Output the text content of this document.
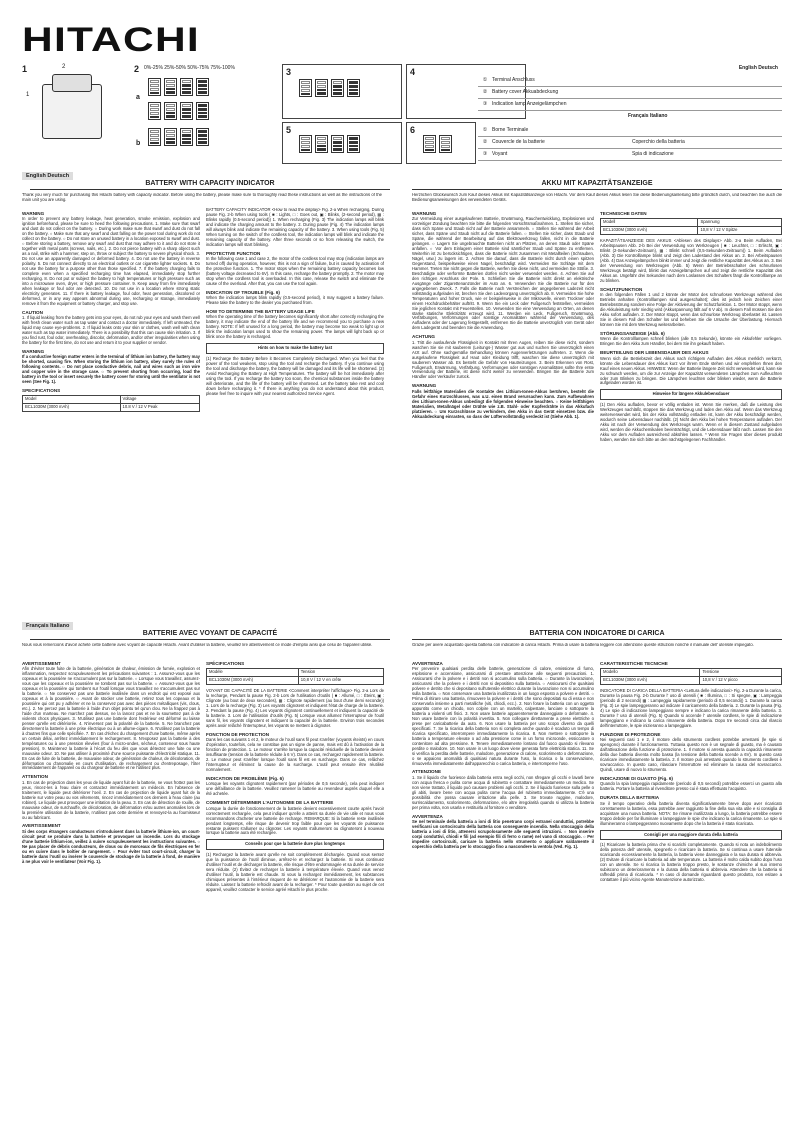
HITACHI
1
1
2	2 0%-25% 25%-50% 50%-75% 75%-100%
a
b
3
5
4
6
English Deutsch
① Terminal Anschluss
② Battery cover Akkuabdeckung
③ Indication lamp Anzeigelämpchen
Français Italiano
① Borne Terminale
② Couvercle de la batterie	Coperchio della batteria
③ Voyant	Spia di indicazione
English Deutsch
BATTERY WITH CAPACITY INDICATOR	AKKU MIT KAPAZITÄTSANZEIGE

Thank you very much for purchasing this Hitachi battery with capacity indicator. Before using the battery, please make sure to thoroughly read these instructions as well as the instructions of the main unit you are using.

WARNING

In order to prevent any battery leakage, heat generation, smoke emission, explosion and ignition beforehand, please be sure to heed the following precautions. 1. Make sure that swarf and dust do not collect on the battery. ○ During work make sure that swarf and dust do not fall on the battery. ○ Make sure that any swarf and dust falling on the power tool during work do not collect on the battery. ○ Do not store an unused battery in a location exposed to swarf and dust. ○ Before storing a battery, remove any swarf and dust that may adhere to it and do not store it together with metal parts (screws, nails, etc.). 2. Do not pierce battery with a sharp object such as a nail, strike with a hammer, step on, throw or subject the battery to severe physical shock. 3. Do not use an apparently damaged or deformed battery. 4. Do not use the battery in reverse polarity. 5. Do not connect directly to an electrical outlets or car cigarette lighter sockets. 6. Do not use the battery for a purpose other than those specified. 7. If the battery charging fails to complete even when a specified recharging time has elapsed, immediately stop further recharging. 8. Do not put or subject the battery to high temperatures or high pressure such as into a microwave oven, dryer, or high pressure container. 9. Keep away from fire immediately when leakage or foul odor are detected. 10. Do not use in a location where strong static electricity generates. 11. If there is battery leakage, foul odor, heat generation, discolored or deformed, or in any way appears abnormal during use, recharging or storage, immediately remove it from the equipment or battery charger, and stop use.

CAUTION

1. If liquid leaking from the battery gets into your eyes, do not rub your eyes and wash them well with fresh clean water such as tap water and contact a doctor immediately. If left untreated, the liquid may cause eye-problems. 2. If liquid leaks onto your skin or clothes, wash well with clean water such as tap water immediately. There is a possibility that this can cause skin irritation. 3. If you find rust, foul odor, overheating, discolor, deformation, and/or other irregularities when using the battery for the first time, do not use and return it to your supplier or vendor.

WARNING

If a conductive foreign matter enters in the terminal of lithium ion battery, the battery may be shorted, causing fire. When storing the lithium ion battery, obey surely the rules of following contents. ○ Do not place conductive debris, nail and wires such as iron wire and copper wire in the storage case. ○ To prevent shorting from occurring, load the battery in the tool or insert securely the battery cover for storing until the ventilator is not seen (See Fig. 1).

SPECIFICATIONS
Model	Voltage
BCL1030M (3000 mAh)	10.8 V / 12 V Peak

BATTERY CAPACITY INDICATOR <How to read the display> Fig. 2-a When recharging, During pause Fig. 2-b When using tools ( ■ : Lights, □ : Goes out, ▣ : Blinks, (2-second period), ▦ : Blinks rapidly (0.5-second period)) 1. When recharging (Fig. 3) The indication lamps will blink and indicate the charging amount to the battery. 2. During pause (Fig. 4) The indication lamps will always blink and indicate the remaining capacity of the battery. 3. When using tools (Fig. 5) When turning on the switch of the cordless tool, the indication lamps will blink and indicate the remaining capacity of the battery. After three seconds or so from releasing the switch, the indication lamps will start blinking.

PROTECTIVE FUNCTION

In the following case 1 and case 2, the motor of the cordless tool may stop (indication lamps are turned off) during operation, however, this is not a sign of failure, but is caused by activation of the protective function. 1. The motor stops when the remaining battery capacity becomes low (battery voltage decreased to 6V). In this case, recharge the battery promptly. 2. The motor may stop when the cordless tool is overloaded. In this case, release the switch and eliminate the cause of the overload. After that, you can use the tool again.

INDICATION OF TROUBLE (Fig. 6)

When the indication lamps blink rapidly (0.5-second period), it may suggest a battery failure. Please take the battery to the dealer you purchased from.

HOW TO DETERMINE THE BATTERY USAGE LIFE

When the operating time of the battery becomes significantly short after correctly recharging the battery, it may indicate the end of the battery life and we recommend you to purchase a new battery. NOTE: If left unused for a long period, the battery may become too weak to light up or blink the indication lamps used to show the remaining power. The lamps will light back up or blink once the battery is recharged.

Hints on how to make the battery last

(1) Recharge the Battery Before it Becomes Completely Discharged. When you feel that the power of the tool weakens, stop using the tool and recharge the battery. If you continue using the tool and discharge the battery, the battery will be damaged and its life will be shortened. (2) Avoid Recharging the Battery at High Temperatures. The battery will be hot immediately after using the tool. If you recharge the battery too soon, the chemical substances inside the battery will deteriorate, and the life of the battery will be shortened. Let the battery take rest and cool down before recharging it. * If there is anything you do not understand about this product, please feel free to inquire with your nearest authorized Service Agent.

Herzlichen Glückwunsch zum Kauf dieses Akkus mit Kapazitätsanzeige von Hitachi. Vor dem Kauf dieses Akkus lesen Sie diese Bedienungsanleitung bitte gründlich durch, und beachten Sie auch die Bedienungsanweisungen des verwendeten Geräts.

WARNUNG

Zur Vermeidung einer ausgelaufenen Batterie, Erwärmung, Rauchentwicklung, Explosionen und vorzeitiger Zündung beachten Sie bitte die folgenden Vorsichtsmaßnahmen. 1. Stellen Sie sicher, dass sich Späne und Staub nicht auf der Batterie ansammeln. ○ Stellen Sie während der Arbeit sicher, dass Späne und Staub nicht auf die Batterie fallen. ○ Stellen Sie sicher, dass Staub und Späne, die während der Bearbeitung auf das Elektrowerkzeug fallen, nicht in die Batterie gelangen. ○ Lagern Sie ungebrauchte Batterien nicht an Plätzen, an denen Staub oder Späne anfallen. ○ Vor dem Einlagern einer Batterie sind sämtlicher Staub und Späne zu entfernen. Weiterhin ist zu berücksichtigen, dass die Batterie nicht zusammen mit Metallteilen (Schrauben, Nägel, usw.) zu lagern ist. 2. Achten Sie darauf, dass die Batterie nicht durch einen spitzen Gegenstand, beispielsweise einen Nagel, beschädigt wird. Vermeiden Sie Schläge mit dem Hammer. Treten Sie nicht gegen die Batterie, werfen Sie diese nicht, und vermeiden Sie Stöße. 3. Beschädigte oder verformte Batterien dürfen nicht weiter verwendet werden. 4. Achten Sie auf den richtigen Anschluss der Pole. 5. Schließen Sie die Batterie nicht direkt an elektrische Ausgänge oder Zigarettenanzünder im Auto an. 6. Verwenden Sie die Batterie nur für den angegebenen Zweck. 7. Falls die Batterie nach Verstreichen der angegebenen Ladezeit nicht vollständig aufgeladen ist, brechen Sie den Ladevorgang unverzüglich ab. 8. Vermeiden Sie hohe Temperaturen und hoher Druck, wie er beispielsweise in der Mikrowelle, einem Trockner oder einem Hochdruckbehälter auftritt. 9. Wenn Sie ein Leck oder Fußgeruch feststellen, vermeiden Sie jeglichen Kontakt mit Feuerstellen. 10. Verwenden Sie eine Verwendung an Orten, an denen starke statische Elektrizität erzeugt wird. 11. Werden ein Leck, Fußgeruch, Erwärmung, Verfärbungen, Verformungen oder sonstige Anomalitäten während der Verwendung, des Aufladens oder der Lagerung festgestellt, entfernen Sie die Batterie unverzüglich vom Gerät oder dem Ladegerät und beenden Sie die Anwendung.

ACHTUNG

1. Tritt die auslaufende Flüssigkeit in Kontakt mit Ihren Augen, reiben Sie diese nicht, sondern waschen Sie sie mit sauberem (Leitungs-) Wasser gut aus und suchen Sie unverzüglich einen Arzt auf. Ohne sachgemäße Behandlung können Augenverletzungen auftreten. 2. Wenn die ausgelaufene Flüssigkeit auf Haut oder Kleidung trifft, waschen Sie diese unverzüglich mit sauberem Wasser ab. Es besteht die Gefahr von Hautreizungen. 3. Beim Erkennen von Rost, Fußgeruch, Erwärmung, Verfärbung, Verformungen oder sonstigen Anomalitäten sollte Ihre erste Verwendung der Batterie, ist diese nicht weiter zu verwenden. Bringen Sie die Batterie zum Händler oder Verkäufer zurück.

WARNUNG

Falls leitfähige Materialien die Kontakte des Lithium-Ionen-Akkus berühren, besteht die Gefahr eines Kurzschlusses, was u.U. einen Brand verursachen kann. Zum Aufbewahren des Lithium-Ionen-Akkus unbedingt die folgenden Hinweise beachten. ○ Keine leitfähigen Materialien, Metallnägel oder Drähte wie z.B. Stahl- oder Kupferdrähte in das Akkufach platzieren. ○ Um Kurzschlüsse zu verhindern, den Akku in das Gerät einsetzen bzw. die Akkuabdeckung einrasten, so dass der Lüftervollständig verdeckt ist (Siehe Abb. 1).

TECHNISCHE DATEN
Modell	Spannung
BCL1030M (3000 mAh)	10,8 V / 12 V Spitze

KAPAZITÄTSANZEIGE DES AKKUS <Ablesen des Displays> Abb. 2-a Beim Aufladen, Bei Arbeitspausen Abb. 2-b Bei der Verwendung von Werkzeugen ( ■ : Leuchtet, □ : Erlischt, ▣ : Blinkt (2-Sekunden-Zeitraum), ▦ : Blinkt schnell (0,5-Sekunden-Zeitraum)) 1. Beim Aufladen (Abb. 3) Die Kontrolllampe blinkt und zeigt den Ladestand des Akkus an. 2. Bei Arbeitspausen (Abb. 4) Das Anzeigelämpchen blinkt immer und zeigt die restliche Kapazität des Akkus an. 3. Bei der Verwendung von Werkzeugen (Abb. 5) Wenn der Betriebsschalter des schnurlosen Werkzeugs betätigt wird, blinkt das Anzeigelämpchen auf und zeigt die restliche Kapazität des Akkus an. Ungefähr drei Sekunden nach dem Loslassen des Schalters fängt die Kontrolllampe an zu blinken.

SCHUTZFUNKTION

In den folgenden Fällen 1 und 2 könnte der Motor des schnurlosen Werkzeugs während des Betriebs anhalten (Kontrolllampen sind ausgeschaltet); dies ist jedoch kein Zeichen einer Betriebsstörung sondern eine Folge der Aktivierung der Schutzfunktion. 1. Der Motor stoppt, wenn die Akkuleistung sehr niedrig wird (Akkuspannung fällt auf 6 V ab). In diesem Fall müssen Sie den Akku sofort aufladen. 2. Der Motor stoppt, wenn das schnurlose Werkzeug überlastet ist. Lassen Sie in diesem Fall den Schalter los und beheben Sie die Ursache der Überlastung. Hiernach können Sie mit dem Werkzeug weiterarbeiten.

STÖRUNGSANZEIGE (Abb. 6)

Wenn die Kontrolllampen schnell blinken (alle 0,5 Sekunde), könnte ein Akkufehler vorliegen. Bringen Sie den Akku zum Händler, bei dem Sie ihn gekauft haben.

BEURTEILUNG DER LEBENSDAUER DES AKKUS

Wenn sich die Betriebszeit des Akkus nach richtigem Aufladen des Akkus merklich verkürzt, könnte die Lebensdauer des Akkus kurz vor ihrem Ende stehen und wir empfehlen Ihnen den Kauf eines neuen Akkus. HINWEIS: Wenn der Batterie längere Zeit nicht verwendet wird, kann sie zu schwach werden, um die zur Anzeige der Kapazität verwendeten Lämpchen zum Aufleuchten oder zum Blinken zu bringen. Die Lämpchen leuchten oder blinken wieder, wenn die Batterie aufgeladen worden ist.

Hinweise für längere Akkulebensdauer

(1) Den Akku aufladen, bevor er völlig entladen ist. Wenn Sie merken, daß die Leistung des Werkzeuges nachläßt, stoppen Sie das Werkzeug und laden den Akku auf. Wenn das Werkzeug weiterverwendet wird, bis der Akku vollständig entladen ist, kann der Akku beschädigt werden, wodurch seine Lebensdauer nachläßt. (2) Nicht den Akku bei hohen Temperaturen aufladen. Der Akku ist nach der Verwendung des Werkzeugs warm. Wenn er in diesem Zustand aufgeladen wird, werden die Akkuchemikalien beeinträchtigt, und die Lebensdauer läßt nach. Lassen Sie den Akku vor dem Aufladen ausreichend abkühlen lassen. * Wenn Sie Fragen über dieses produkt haben, wenden Sie sich bitte an den nächstgelegenen Fachhändler.

Français Italiano
BATTERIE AVEC VOYANT DE CAPACITÉ	BATTERIA CON INDICATORE DI CARICA

Nous vous remercions d'avoir acheté cette batterie avec voyant de capacité Hitachi. Avant d'utiliser la batterie, veuillez lire attentivement ce mode d'emploi ainsi que celui de l'appareil utilisé.

AVERTISSEMENT

Afin d'éviter toute fuite de la batterie, génération de chaleur, émission de fumée, explosion et inflammation, respectez scrupuleusement les précautions suivantes : 1. Assurez-vous que les copeaux et la poussière ne s'accumulent pas sur la batterie. ○ Lorsque vous travaillez, assurez-vous que les copeaux et la poussière ne tombent pas sur la batterie. ○ Assurez-vous que les copeaux et la poussière qui tombent sur l'outil lorsque vous travaillez ne s'accumulent pas sur la batterie. ○ Ne conservez pas une batterie inutilisée dans un endroit qui est exposé aux copeaux et à la poussière. ○ Avant de stocker une batterie, retirez tous les copeaux et la poussière qui ont pu y adhérer et ne la conservez pas avec des pièces métalliques (vis, clous, etc.). 2. Ne percez pas la batterie à l'aide d'un objet pointu tel qu'un clou. Ne la frappez pas à l'aide d'un marteau. Ne marchez pas dessus, ne la lancez pas et ne la soumettez pas à de violents chocs physiques. 3. N'utilisez pas une batterie dont l'extérieur est déformé ou laisse penser qu'elle est détériorée. 4. N'inversez pas la polarité de la batterie. 5. Ne branchez pas directement la batterie à une prise électrique ou à un allume-cigare. 6. N'utilisez pas la batterie à d'autres fins que celle spécifiée. 7. En cas d'échec du chargement d'une batterie, même après un certain délai, arrêtez immédiatement le rechargement. 8. N'exposez pas la batterie à des températures ou à une pression élevées (four à micro-ondes, sécheur, conteneur sous haute pression). 9. Maintenez la batterie à l'écart du feu dès que vous détectez une fuite ou une mauvaise odeur. 10. Ne pas utiliser à proximité d'une source puissante d'électricité statique. 11. En cas de fuite de la batterie, de mauvaise odeur, de génération de chaleur, de décoloration, de déformation ou d'anomalie en cours d'utilisation, de rechargement ou d'entreposage, l'ôter immédiatement de l'appareil ou du chargeur de batterie et ne l'utilisez plus.

ATTENTION

1. En cas de projection dans les yeux de liquide ayant fuit de la batterie, ne vous frottez pas les yeux, rincez-les à l'eau claire et contactez immédiatement un médecin. En l'absence de traitement, le liquide peut détériorer l'oeil. 2. En cas de projection de liquide ayant fuit de la batterie sur votre peau ou vos vêtements, rincez immédiatement ces derniers à l'eau claire (au robinet). Le liquide peut provoquer une irritation de la peau. 3. En cas de détection de rouille, de mauvaise odeur, de surchauffe, de décoloration, de déformation et/ou autres anomalies lors de la première utilisation de la batterie, n'utilisez pas cette dernière et renvoyez-la au fournisseur ou au fabricant.

AVERTISSEMENT

Si des corps étrangers conducteurs s'introduisent dans la batterie lithium-ion, un court-circuit peut se produire dans la batterie et provoquer un incendie. Lors du stockage d'une batterie lithium-ion, veillez à suivre scrupuleusement les instructions suivantes. ○ Ne pas placer de débris conducteurs, de clous ou de morceaux de fils électriques en fer ou en cuivre dans le boîtier de rangement. ○ Pour éviter tout court-circuit, charger la batterie dans l'outil ou insérer le couvercle de stockage de la batterie à fond, de manière à ne plus voir le ventilateur (Voir Fig. 1).

SPÉCIFICATIONS
Modèle	Tension
BCL1030M (3000 mAh)	10,8 V / 12 V en crête

VOYANT DE CAPACITÉ DE LA BATTERIE <Comment interpréter l'affichage> Fig. 2-a Lors de la recharge, Pendant la pause Fig. 2-b Lors de l'utilisation d'outils ( ■ : Allumé, □ : Éteint, ▣ : Clignote (au bout de deux secondes), ▦ : Clignote rapidement (au bout d'une demi seconde)) 1. Lors de la recharge (Fig. 3) Les voyants clignotent et indiquent l'état de charge de la batterie. 2. Pendant la pause (Fig. 4) Les voyants clignotent continuellement et indiquent la capacité de la batterie. 3. Lors de l'utilisation d'outils (Fig. 5) Lorsque vous allumez l'interrupteur de l'outil sans fil, les voyants clignotent et indiquent la capacité de la batterie. Environ trois secondes après avoir relâché l'interrupteur, les voyants se mettent à clignoter.

FONCTION DE PROTECTION

Dans les cas suivants 1 et 2, le moteur de l'outil sans fil peut s'arrêter (voyants éteints) en cours d'opération, toutefois, cela ne constitue pas un signe de panne, mais est dû à l'activation de la fonction de protection. 1. Le moteur s'arrête lorsque la capacité résiduelle de la batterie devient insuffisante (tension de la batterie réduite à 6 V). Dans ce cas, rechargez rapidement la batterie. 2. Le moteur peut s'arrêter lorsque l'outil sans fil est en surcharge. Dans ce cas, relâchez l'interrupteur et éliminez la cause de la surcharge. L'outil peut ensuite être réutilisé normalement.

INDICATION DE PROBLÈME (Fig. 6)

Lorsque les voyants clignotent rapidement (par périodes de 0,5 seconde), cela peut indiquer une défaillance de la batterie. Veuillez ramener la batterie au revendeur auprès duquel elle a été achetée.

COMMENT DÉTERMINER L'AUTONOMIE DE LA BATTERIE

Lorsque la durée de fonctionnement de la batterie devient excessivement courte après l'avoir correctement rechargée, cela peut indiquer qu'elle a atteint sa durée de vie utile et nous vous recommandons d'acheter une batterie de recharge. REMARQUE: Si la batterie reste inutilisée pendant longtemps, elle risque de devenir trop faible pour que les voyants de puissance restante puissent s'allumer ou clignoter. Les voyants s'allumeront ou clignoteront à nouveau lorsque la batterie aura été rechargée.

Conseils pour que la batterie dure plus longtemps

(1) Rechargez la batterie avant qu'elle ne soit complètement déchargée. Quand vous sentez que la puissance de l'outil diminue, arrêtez-le et rechargez la batterie. Si vous continuez d'utiliser l'outil et de décharger la batterie, elle risque d'être endommagée et sa durée de service sera réduite. (2) Évitez de recharger la batterie à température élevée. Quand vous venez d'utiliser l'outil, la batterie est chaude. Si vous la rechargez immédiatement, les substances chimiques présentes à l'intérieur risquent de se détériorer et l'autonomie de la batterie sera réduite. Laissez la batterie refroidir avant de la recharger. * Pour toute question au sujet de cet appareil, veuillez contacter le service agréé Hitachi le plus proche.

Grazie per avere acquistato questa batteria con indicatore di carica Hitachi. Prima di usare la batteria leggere con attenzione queste istruzioni nonché il manuale dell' utensile impiegato.

AVVERTENZA

Per prevenire qualsiasi perdita delle batterie, generazione di calore, emissione di fumo, esplosione e accensione, assicurarsi di prestare attenzione alle seguenti precauzioni. 1. Assicurarsi che la polvere e i detriti non si accumulino sulla batteria. ○ Durante la lavorazione, assicurarsi che la polvere e i detriti non si depositino sulla batteria. ○ Assicurarsi che qualsiasi polvere e detrito che si depositano sull'utensile elettrico durante la lavorazione non si accumulino sulla batteria. ○ Non conservare una batteria inutilizzata in un luogo esposto a polvere e detriti. ○ Prima di ritirare una batteria, rimuovere la polvere e i detriti che sono depositati su di essa e non conservarla insieme a parti metalliche (viti, chiodi, ecc.). 2. Non forare la batteria con un oggetto appuntito come un chiodo, non colpire con un martello, calpestare, lanciare o sottoporre la batteria a violenti urti fisici. 3. Non usare batterie apparentemente danneggiate o deformate. 4. Non usare batterie con la polarità invertita. 5. Non collegare direttamente a prese elettriche o prese per caricabatterie da auto. 6. Non usare la batteria per uno scopo diverso da quelli specificati. 7. Se la ricarica della batteria non si completa anche quando è scaduto un tempo di ricarica specificato, interrompere immediatamente la ricarica. 8. Non mettere o sottoporre la batteria a temperature elevate o ad alta pressione come in un forno microonde, essiccatore o contenitore ad alta pressione. 9. Tenere immediatamente lontano dal fuoco quando si rilevano perdite o malodore. 10. Non usare in un luogo dove viene generata forte elettricità statica. 11. Se si verifica la perdita delle batterie, malodore, generazione di calore, scolorimento o deformazione, o se appaiono anomalità di qualsiasi natura durante l'uso, la ricarica o la conservazione, rimuoverla immediatamente dall'apparecchio o carica batteria, e interromperne l'uso.

ATTENZIONE

1. Se il liquido che fuoriesce dalla batteria entra negli occhi, non sfregare gli occhi e lavarli bene con acqua fresca e pulita come acqua di rubinetto e contattare immediatamente un medico. Se non viene trattato, il liquido può causare problemi agli occhi. 2. Se il liquido fuoriesce sulla pelle o gli abiti, lavare bene con acqua pulita come l'acqua del rubinetto immediatamente. C'è una possibilità che possa causare irritazione alla pelle. 3. Se trovate ruggine, malodore, surriscaldamento, scolorimento, deformazione, e/o altre irregolarità quando si utilizza la batteria per prima volta, non usarla e restituirla al fornitore o venditore.

AVVERTENZA

Se nel terminale della batteria a ioni di litio penetrano corpi estranei conduttivi, potrebbe verificarsi un cortocircuito della batteria con conseguente incendio. Nella stoccaggio della batteria a ioni di litio, attenersi scrupolosamente alle seguenti istruzioni. ○ Non inserire corpi conduttivi, chiodi e fili (ad esempio fili di ferro o rame) nel vano di stoccaggio. ○ Per impedire cortocircuiti, caricare la batteria nello strumento o applicare saldamente il coperchio della batteria per lo stoccaggio fino a nascondere la ventola (Ved. Fig. 1).

CARATTERISTICHE TECNICHE
Modello	Tensione
BCL1030M (3000 mAh)	10,8 V / 12 V picco

INDICATORE DI CARICA DELLA BATTERIA <Lettura delle indicazioni> Fig. 2-a Durante la carica, Durante la pausa Fig. 2-b Durante l' uso di utensili ( ■ : Illumina, □ : Si spegne, ▣ : Lampeggia (periodo di 2 secondi) ▦ : Lampeggia rapidamente (periodo di 0,5 secondi)) 1. Durante la carica (Fig. 3) Le spie lampeggeranno ad indicare il caricamento della batteria. 2. Durante la pausa (Fig. 4) Le spie di indicazione lampeggiano sempre e indicano la carica rimanente della batteria. 3. Durante l' uso di utensili (Fig. 5) Quando si accende l' utensile cordless, le spie di indicazione lampeggiano e indicano la carica rimanente della batteria. Dopo tre secondi circa dal rilascio dell'interruttore, le spie inizieranno a lampeggiare.

FUNZIONE DI PROTEZIONE

Nei seguenti casi 1 e 2, il motore dello strumento cordless potrebbe arrestarsi (le spie si spengono) durante il funzionamento. Tuttavia questo non è un segnale di guasto, ma è causato dall'attivazione della funzione di protezione. 1. Il motore si arresta quando la capacità rimanente della due batteria diventa molto bassa (la tensione della batteria scende a 6V). In questo caso ricaricare immediatamente la batteria. 2. Il motore può arrestarsi quando lo strumento cordless è sovraccarico. In questo caso, rilasciare l'interruttore ed eliminare la causa del sovraccarico. Quindi, usare di nuovo lo strumento.

INDICAZIONE DI GUASTO (Fig. 6)

Quando la spia lampeggia rapidamente (periodo di 0,5 secondi) potrebbe esserci un guasto alla batteria. Portare la batteria al rivenditore presso cui è stata effettuato l'acquisto.

DURATA DELLA BATTERIA

Se il tempo operativo della batteria diventa significativamente breve dopo aver ricaricato correttamente la batteria, essa potrebbe aver raggiunto la fine della sua vita utile e si consiglia di acquistare una nuova batteria. NOTA: Se rimane inutilizzata a lungo, la batteria potrebbe essere troppo debole per far illuminare o lampeggiare le spie che indicano la carica rimanente. Le spie si illumineranno o lampeggeranno nuovamente dopo che la batteria è stata ricaricata.

Consigli per una maggiore durata della batteria

(1) Ricaricare la batteria prima che si scarichi completamente. Quando si nota un indebolimento della potenza dell' utensile, spegnerlo e ricaricare la batteria. Se si continua a usare l'utensile scaricando eccessivamente la batteria, la batteria viene danneggiata e la sua durata si abbrevia. (2) Evitare di ricaricare la batteria ad alte temperature. La batteria è molto calda subito dopo l'uso con un utensile. Se si ricarica la batteria troppo presto, le sostanze chimiche al suo interno subiscono un deterioramento e la durata della batteria si abbrevia. Attendere che la batteria si raffreddi prima di ricaricarla. * In caso di domande riguardanti questo prodotto, non esitare a contattare il più vicino Agente Manutenzione autorizzato.
